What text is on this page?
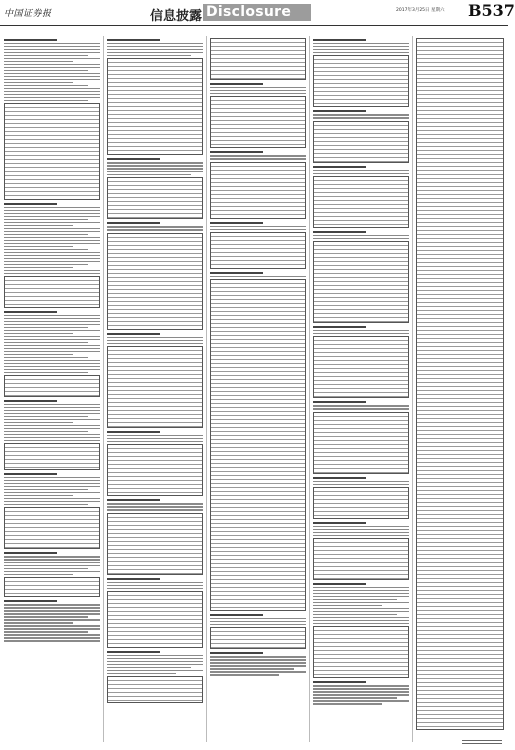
中国证券报	信息披露 Disclosure	2017年3月25日 星期六 B537
